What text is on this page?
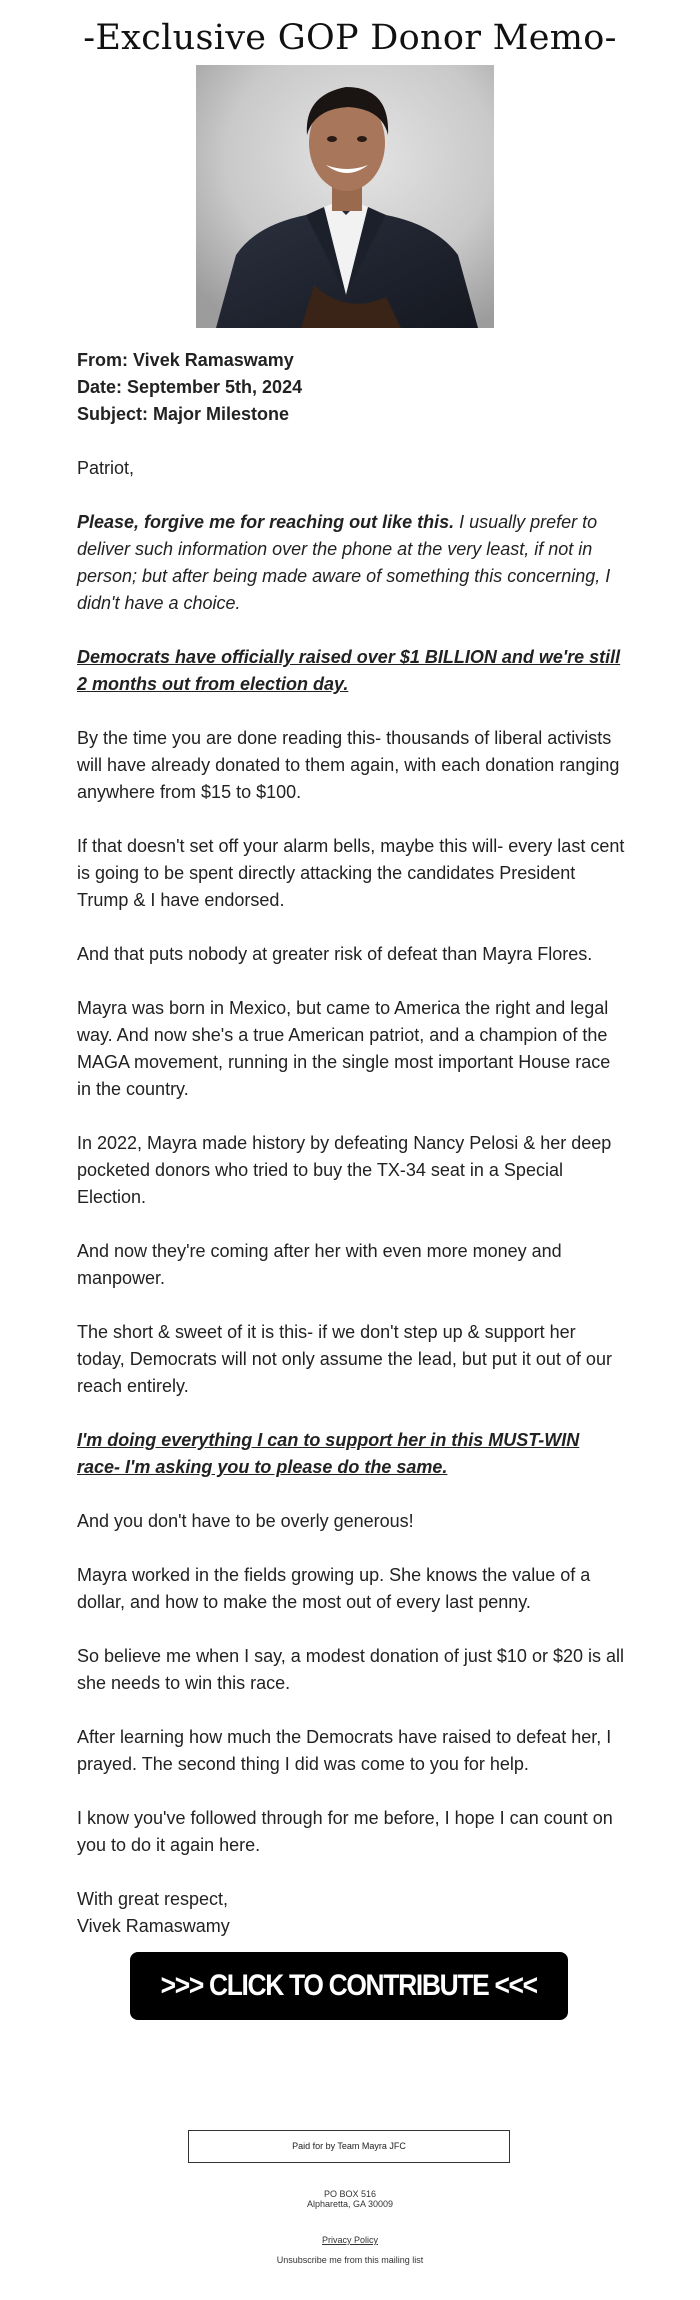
-Exclusive GOP Donor Memo-

From: Vivek Ramaswamy
Date: September 5th, 2024
Subject: Major Milestone

Patriot,

Please, forgive me for reaching out like this. I usually prefer to deliver such information over the phone at the very least, if not in person; but after being made aware of something this concerning, I didn't have a choice.

Democrats have officially raised over $1 BILLION and we're still 2 months out from election day.

By the time you are done reading this- thousands of liberal activists will have already donated to them again, with each donation ranging anywhere from $15 to $100.

If that doesn't set off your alarm bells, maybe this will- every last cent is going to be spent directly attacking the candidates President Trump & I have endorsed.

And that puts nobody at greater risk of defeat than Mayra Flores.

Mayra was born in Mexico, but came to America the right and legal way. And now she's a true American patriot, and a champion of the MAGA movement, running in the single most important House race in the country.

In 2022, Mayra made history by defeating Nancy Pelosi & her deep pocketed donors who tried to buy the TX-34 seat in a Special Election.

And now they're coming after her with even more money and manpower.

The short & sweet of it is this- if we don't step up & support her today, Democrats will not only assume the lead, but put it out of our reach entirely.

I'm doing everything I can to support her in this MUST-WIN race- I'm asking you to please do the same.

And you don't have to be overly generous!

Mayra worked in the fields growing up. She knows the value of a dollar, and how to make the most out of every last penny.

So believe me when I say, a modest donation of just $10 or $20 is all she needs to win this race.

After learning how much the Democrats have raised to defeat her, I prayed. The second thing I did was come to you for help.

I know you've followed through for me before, I hope I can count on you to do it again here.

With great respect,
Vivek Ramaswamy

>>> CLICK TO CONTRIBUTE <<<
Paid for by Team Mayra JFC
PO BOX 516
Alpharetta, GA 30009
Privacy Policy
Unsubscribe me from this mailing list
